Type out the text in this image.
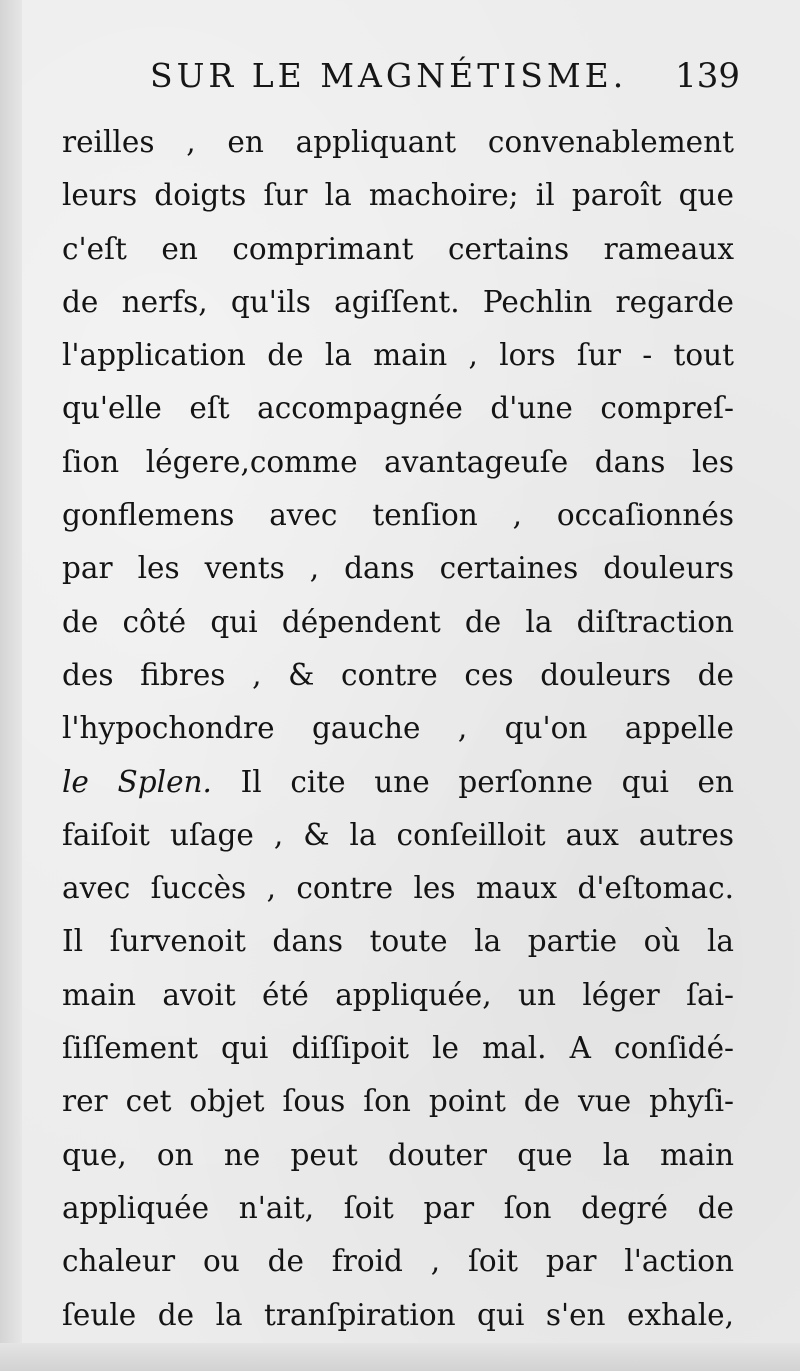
SUR LE MAGNÉTISME. 139
reilles , en appliquant convenablement
leurs doigts ſur la machoire; il paroît que
c'eſt en comprimant certains rameaux
de nerfs, qu'ils agiſſent. Pechlin regarde
l'application de la main , lors ſur - tout
qu'elle eſt accompagnée d'une compreſ-
ſion légere,comme avantageuſe dans les
gonflemens avec tenſion , occaſionnés
par les vents , dans certaines douleurs
de côté qui dépendent de la diſtraction
des fibres , & contre ces douleurs de
l'hypochondre gauche , qu'on appelle
le Splen. Il cite une perſonne qui en
faiſoit uſage , & la conſeilloit aux autres
avec ſuccès , contre les maux d'eſtomac.
Il ſurvenoit dans toute la partie où la
main avoit été appliquée, un léger ſai-
ſiſſement qui diſſipoit le mal. A conſidé-
rer cet objet ſous ſon point de vue phyſi-
que, on ne peut douter que la main
appliquée n'ait, ſoit par ſon degré de
chaleur ou de froid , ſoit par l'action
ſeule de la tranſpiration qui s'en exhale,
